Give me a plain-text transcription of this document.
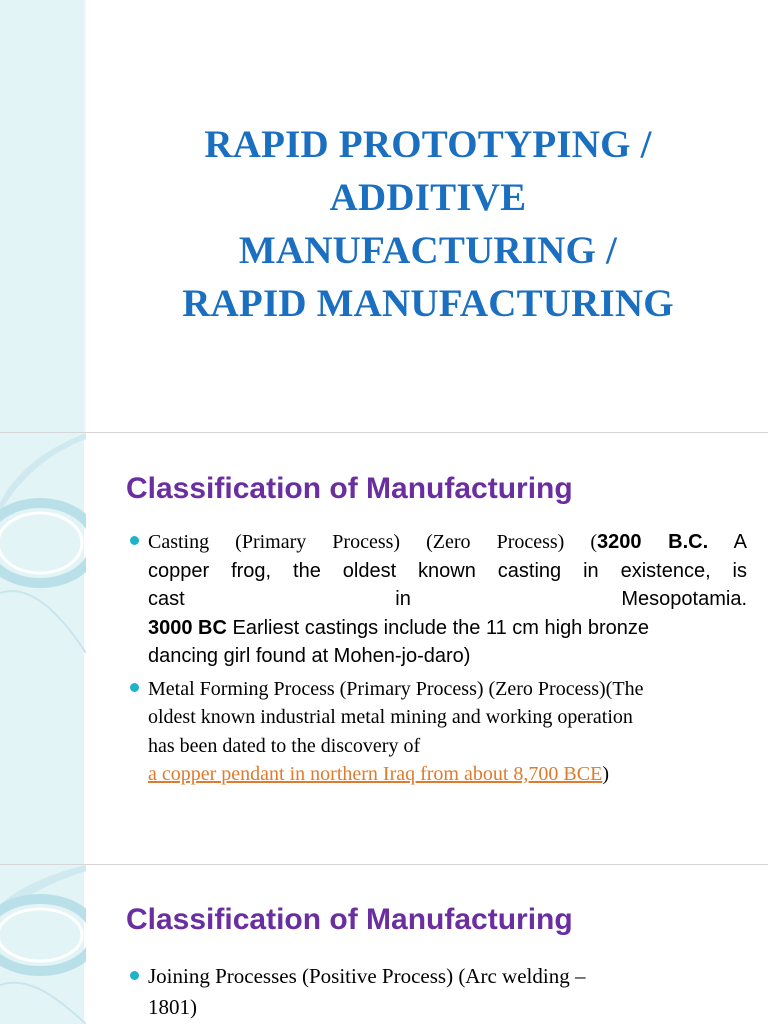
RAPID PROTOTYPING /
ADDITIVE
MANUFACTURING /
RAPID MANUFACTURING
Classification of Manufacturing
Casting (Primary Process) (Zero Process) (3200 B.C. A
copper frog, the oldest known casting in existence, is
cast	in	Mesopotamia.
3000 BC Earliest castings include the 11 cm high bronze
dancing girl found at Mohen-jo-daro)
Metal Forming Process (Primary Process) (Zero Process)(The
oldest known industrial metal mining and working operation
has been dated to the discovery of
a copper pendant in northern Iraq from about 8,700 BCE)
Classification of Manufacturing
Joining Processes (Positive Process) (Arc welding –
1801)
